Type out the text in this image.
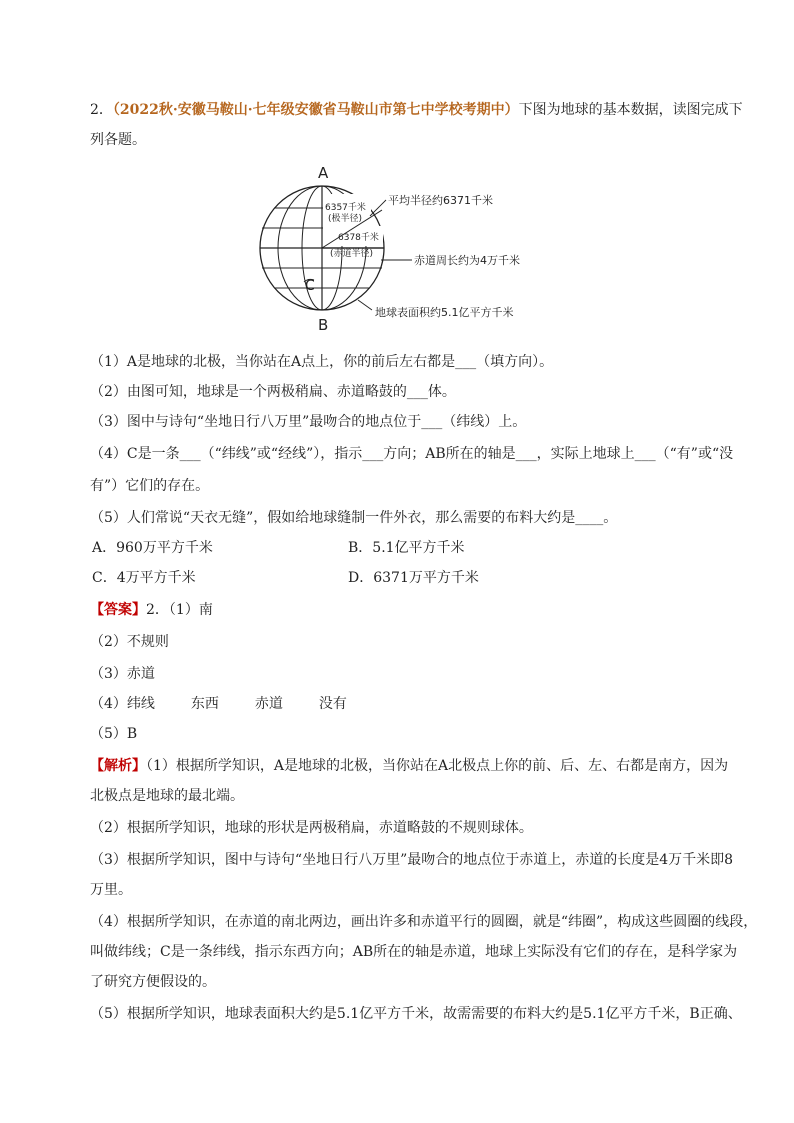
2．（2022秋·安徽马鞍山·七年级安徽省马鞍山市第七中学校考期中）下图为地球的基本数据，读图完成下
列各题。
A
B
C
6357千米
(极半径)
6378千米
(赤道半径)
平均半径约6371千米
赤道周长约为4万千米
地球表面积约5.1亿平方千米
（1）A是地球的北极，当你站在A点上，你的前后左右都是___（填方向）。
（2）由图可知，地球是一个两极稍扁、赤道略鼓的___体。
（3）图中与诗句“坐地日行八万里”最吻合的地点位于___（纬线）上。
（4）C是一条___（“纬线”或“经线”），指示___方向；AB所在的轴是___，实际上地球上___（“有”或“没
有”）它们的存在。
（5）人们常说“天衣无缝”，假如给地球缝制一件外衣，那么需要的布料大约是____。
A．960万平方千米	B．5.1亿平方千米
C．4万平方千米	D．6371万平方千米
【答案】2．（1）南
（2）不规则
（3）赤道
（4）纬线	东西	赤道	没有
（5）B
【解析】（1）根据所学知识，A是地球的北极，当你站在A北极点上你的前、后、左、右都是南方，因为
北极点是地球的最北端。
（2）根据所学知识，地球的形状是两极稍扁，赤道略鼓的不规则球体。
（3）根据所学知识，图中与诗句“坐地日行八万里”最吻合的地点位于赤道上，赤道的长度是4万千米即8
万里。
（4）根据所学知识，在赤道的南北两边，画出许多和赤道平行的圆圈，就是“纬圈”，构成这些圆圈的线段，
叫做纬线；C是一条纬线，指示东西方向；AB所在的轴是赤道，地球上实际没有它们的存在，是科学家为
了研究方便假设的。
（5）根据所学知识，地球表面积大约是5.1亿平方千米，故需需要的布料大约是5.1亿平方千米，B正确、
